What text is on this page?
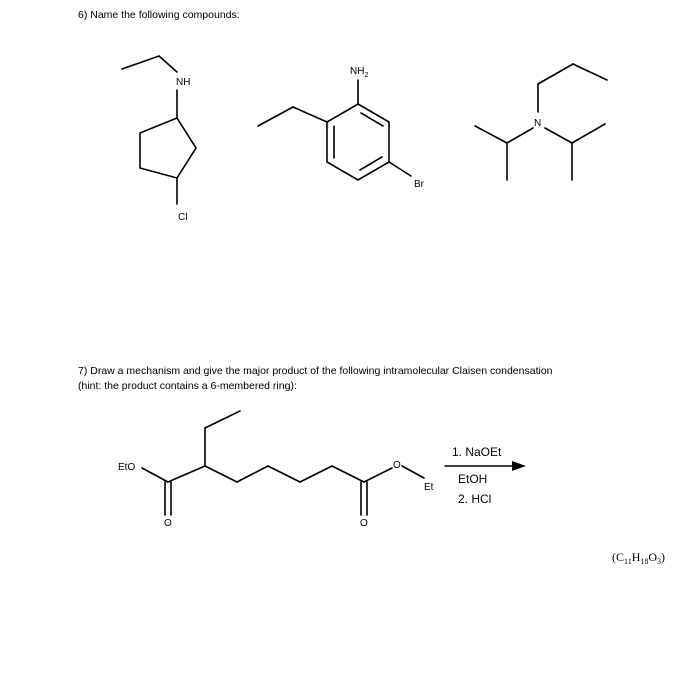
6) Name the following compounds:
7) Draw a mechanism and give the major product of the following intramolecular Claisen condensation
(hint: the product contains a 6-membered ring):
NH
Cl
$NH_2$
Br
N
EtO
O
O
O
Et
1. NaOEt
EtOH
2. HCl
$(C_{11}H_{18}O_3)$
